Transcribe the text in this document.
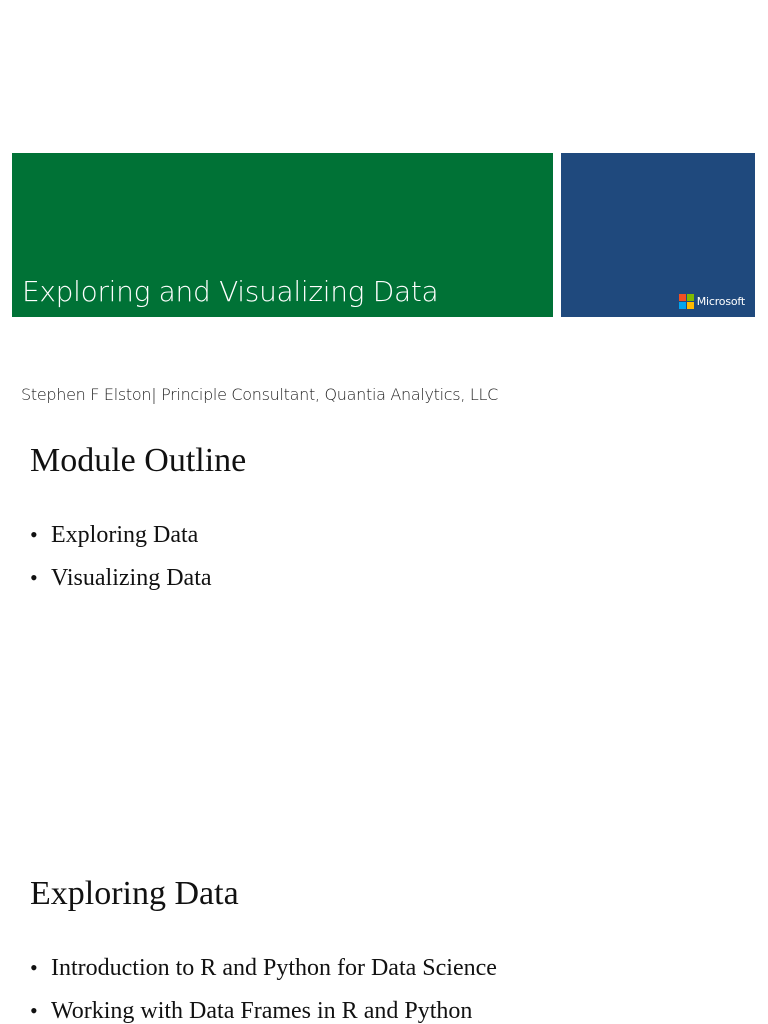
Exploring and Visualizing Data	Microsoft
Stephen F Elston| Principle Consultant, Quantia Analytics, LLC
Module Outline
• Exploring Data
• Visualizing Data
Exploring Data
• Introduction to R and Python for Data Science
• Working with Data Frames in R and Python
